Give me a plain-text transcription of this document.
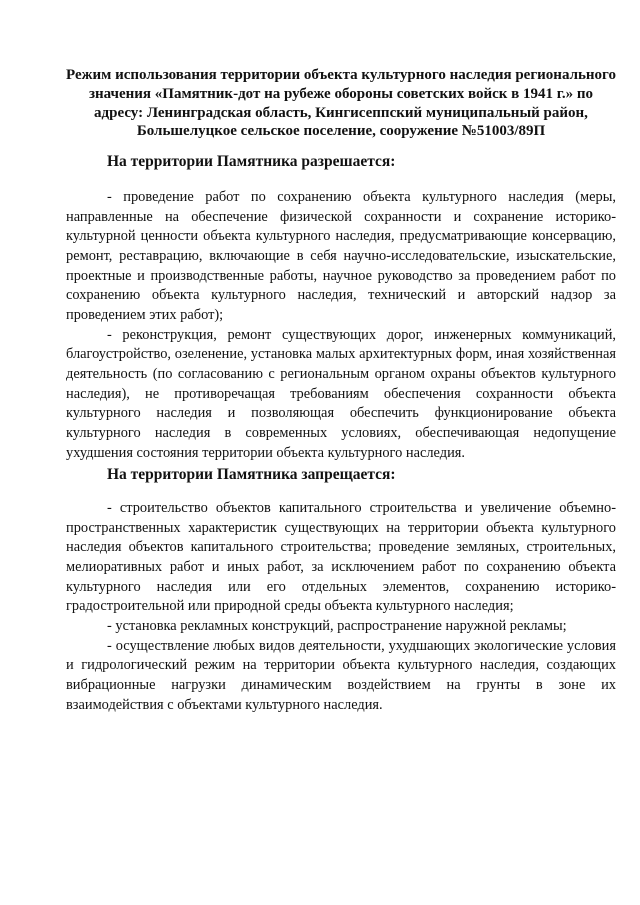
Режим использования территории объекта культурного наследия регионального значения «Памятник-дот на рубеже обороны советских войск в 1941 г.» по адресу: Ленинградская область, Кингисеппский муниципальный район, Большелуцкое сельское поселение, сооружение №51003/89П

На территории Памятника разрешается:

- проведение работ по сохранению объекта культурного наследия (меры, направленные на обеспечение физической сохранности и сохранение историко-культурной ценности объекта культурного наследия, предусматривающие консервацию, ремонт, реставрацию, включающие в себя научно-исследовательские, изыскательские, проектные и производственные работы, научное руководство за проведением работ по сохранению объекта культурного наследия, технический и авторский надзор за проведением этих работ);

- реконструкция, ремонт существующих дорог, инженерных коммуникаций, благоустройство, озеленение, установка малых архитектурных форм, иная хозяйственная деятельность (по согласованию с региональным органом охраны объектов культурного наследия), не противоречащая требованиям обеспечения сохранности объекта культурного наследия и позволяющая обеспечить функционирование объекта культурного наследия в современных условиях, обеспечивающая недопущение ухудшения состояния территории объекта культурного наследия.

На территории Памятника запрещается:

- строительство объектов капитального строительства и увеличение объемно-пространственных характеристик существующих на территории объекта культурного наследия объектов капитального строительства; проведение земляных, строительных, мелиоративных работ и иных работ, за исключением работ по сохранению объекта культурного наследия или его отдельных элементов, сохранению историко-градостроительной или природной среды объекта культурного наследия;

- установка рекламных конструкций, распространение наружной рекламы;

- осуществление любых видов деятельности, ухудшающих экологические условия и гидрологический режим на территории объекта культурного наследия, создающих вибрационные нагрузки динамическим воздействием на грунты в зоне их взаимодействия с объектами культурного наследия.
